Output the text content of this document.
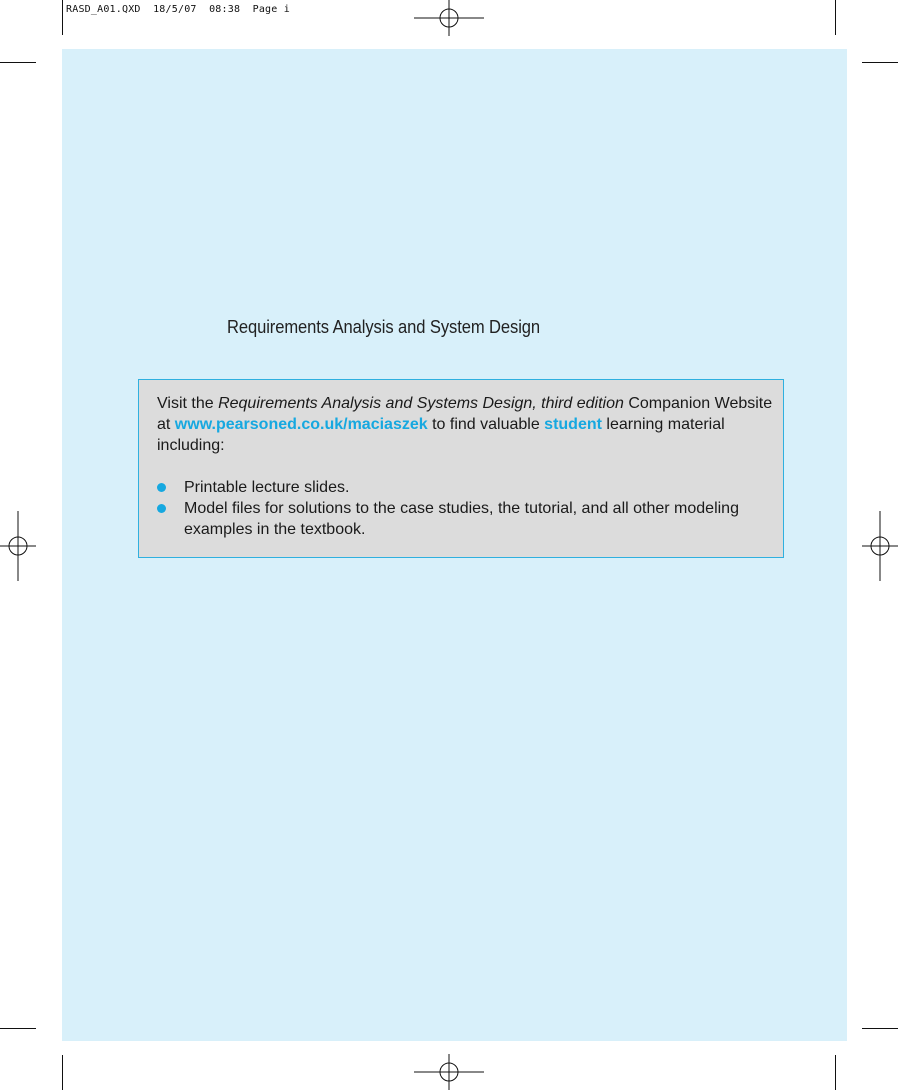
RASD_A01.QXD  18/5/07  08:38  Page i
Requirements Analysis and System Design

Visit the Requirements Analysis and Systems Design, third edition Companion Website at www.pearsoned.co.uk/maciaszek to find valuable student learning material including:

Printable lecture slides.
Model files for solutions to the case studies, the tutorial, and all other modeling examples in the textbook.
